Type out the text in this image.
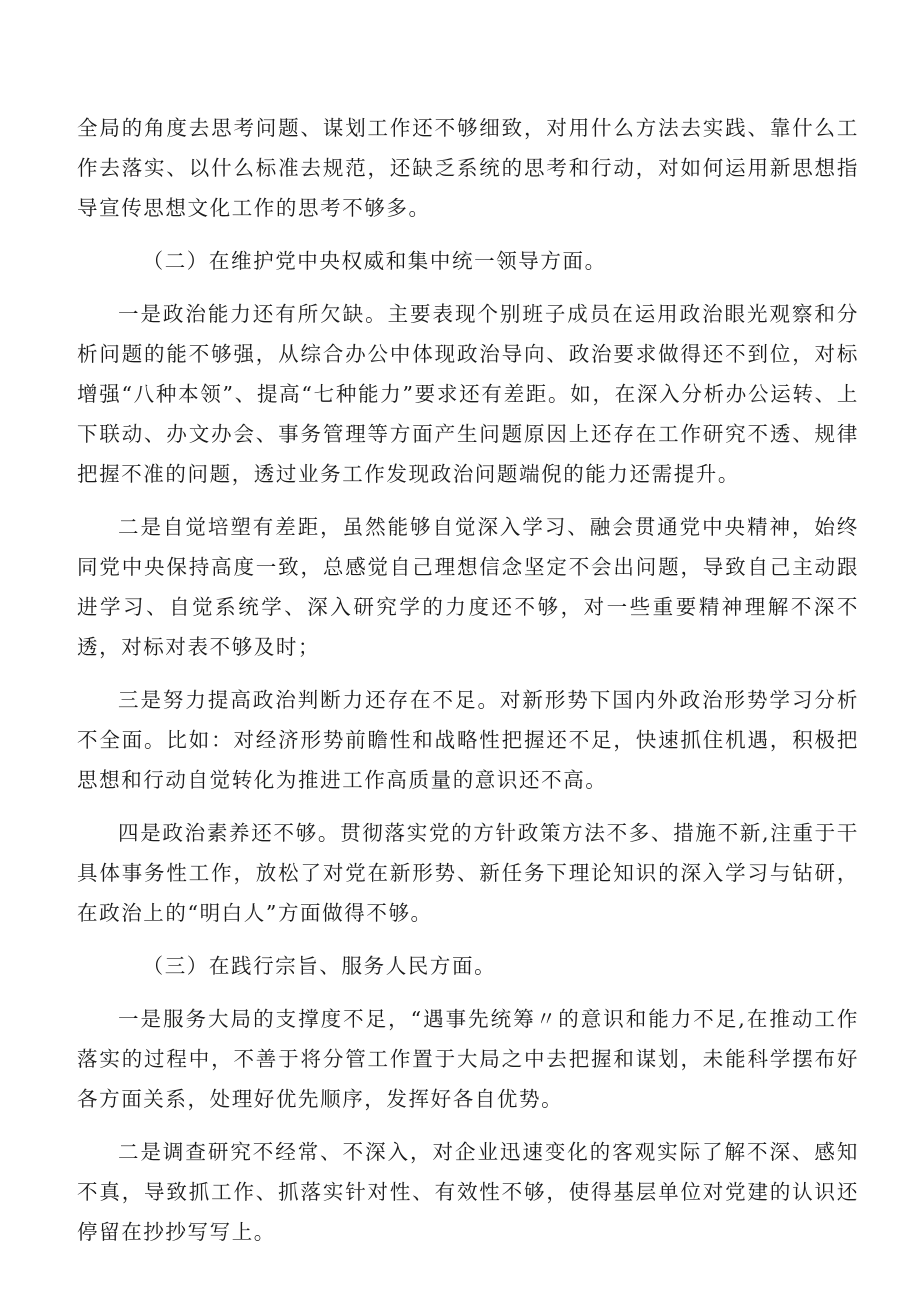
全局的角度去思考问题、谋划工作还不够细致，对用什么方法去实践、靠什么工作去落实、以什么标准去规范，还缺乏系统的思考和行动，对如何运用新思想指导宣传思想文化工作的思考不够多。

（二）在维护党中央权威和集中统一领导方面。

一是政治能力还有所欠缺。主要表现个别班子成员在运用政治眼光观察和分析问题的能不够强，从综合办公中体现政治导向、政治要求做得还不到位，对标增强“八种本领”、提高“七种能力”要求还有差距。如，在深入分析办公运转、上下联动、办文办会、事务管理等方面产生问题原因上还存在工作研究不透、规律把握不准的问题，透过业务工作发现政治问题端倪的能力还需提升。

二是自觉培塑有差距，虽然能够自觉深入学习、融会贯通党中央精神，始终同党中央保持高度一致，总感觉自己理想信念坚定不会出问题，导致自己主动跟进学习、自觉系统学、深入研究学的力度还不够，对一些重要精神理解不深不透，对标对表不够及时；

三是努力提高政治判断力还存在不足。对新形势下国内外政治形势学习分析不全面。比如：对经济形势前瞻性和战略性把握还不足，快速抓住机遇，积极把思想和行动自觉转化为推进工作高质量的意识还不高。

四是政治素养还不够。贯彻落实党的方针政策方法不多、措施不新,注重于干具体事务性工作，放松了对党在新形势、新任务下理论知识的深入学习与钻研，在政治上的“明白人”方面做得不够。

（三）在践行宗旨、服务人民方面。

一是服务大局的支撑度不足，“遇事先统筹〃的意识和能力不足,在推动工作落实的过程中，不善于将分管工作置于大局之中去把握和谋划，未能科学摆布好各方面关系，处理好优先顺序，发挥好各自优势。

二是调查研究不经常、不深入，对企业迅速变化的客观实际了解不深、感知不真，导致抓工作、抓落实针对性、有效性不够，使得基层单位对党建的认识还停留在抄抄写写上。
